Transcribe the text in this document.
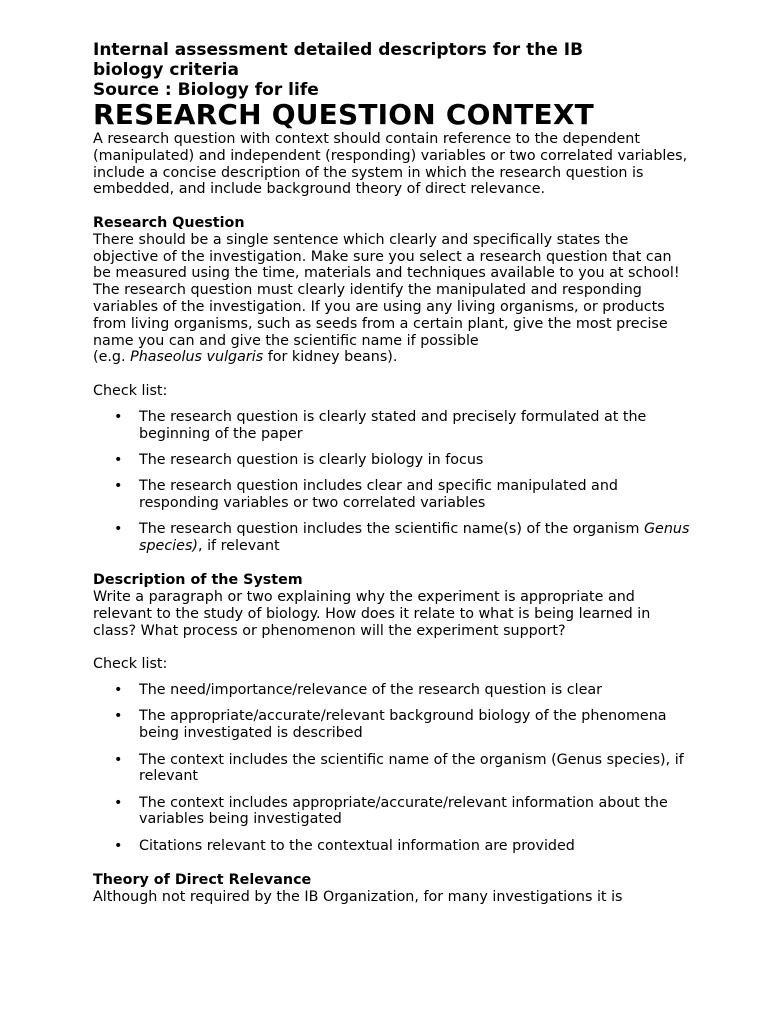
Internal assessment detailed descriptors for the IB
biology criteria
Source : Biology for life
RESEARCH QUESTION CONTEXT

A research question with context should contain reference to the dependent (manipulated) and independent (responding) variables or two correlated variables, include a concise description of the system in which the research question is embedded, and include background theory of direct relevance.

Research Question

There should be a single sentence which clearly and specifically states the objective of the investigation. Make sure you select a research question that can be measured using the time, materials and techniques available to you at school! The research question must clearly identify the manipulated and responding variables of the investigation. If you are using any living organisms, or products from living organisms, such as seeds from a certain plant, give the most precise name you can and give the scientific name if possible
(e.g. Phaseolus vulgaris for kidney beans).

Check list:

• The research question is clearly stated and precisely formulated at the beginning of the paper
• The research question is clearly biology in focus
• The research question includes clear and specific manipulated and responding variables or two correlated variables
• The research question includes the scientific name(s) of the organism Genus species), if relevant
Description of the System

Write a paragraph or two explaining why the experiment is appropriate and relevant to the study of biology. How does it relate to what is being learned in class? What process or phenomenon will the experiment support?

Check list:

• The need/importance/relevance of the research question is clear
• The appropriate/accurate/relevant background biology of the phenomena being investigated is described
• The context includes the scientific name of the organism (Genus species), if relevant
• The context includes appropriate/accurate/relevant information about the variables being investigated
• Citations relevant to the contextual information are provided
Theory of Direct Relevance

Although not required by the IB Organization, for many investigations it is
